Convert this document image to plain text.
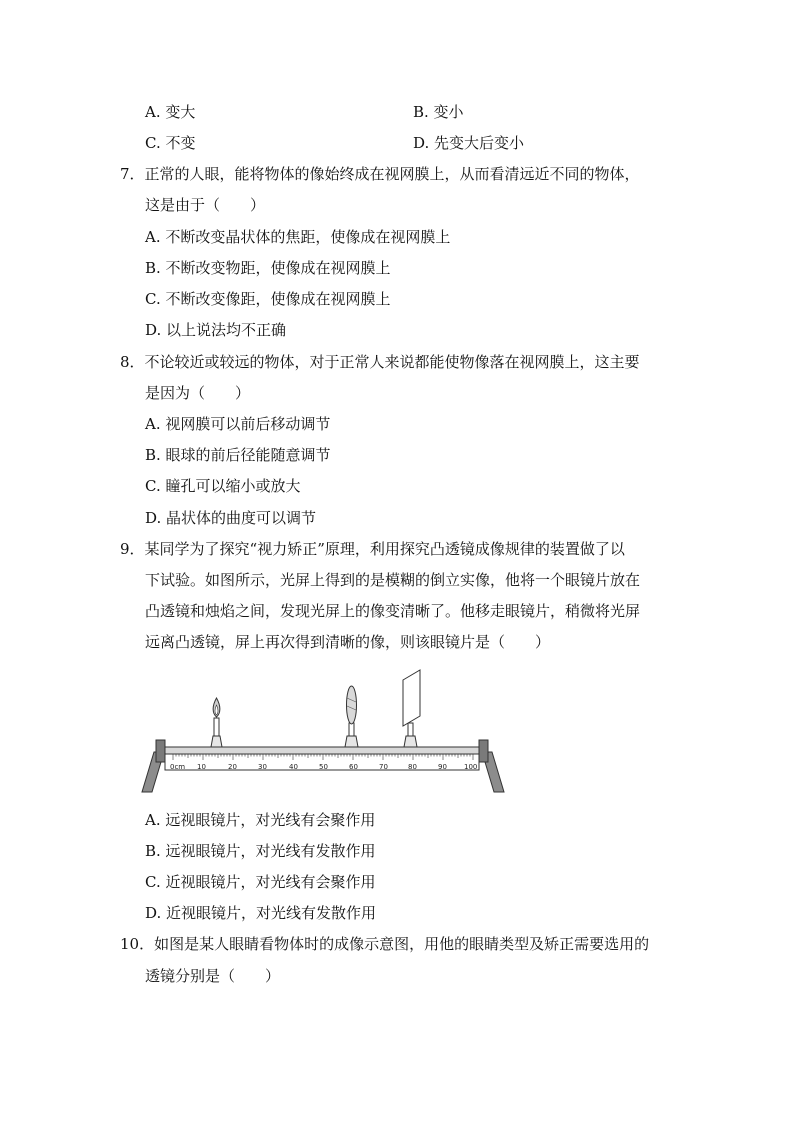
A. 变大	B. 变小
C. 不变	D. 先变大后变小
7．正常的人眼，能将物体的像始终成在视网膜上，从而看清远近不同的物体，
这是由于（　　）
A. 不断改变晶状体的焦距，使像成在视网膜上
B. 不断改变物距，使像成在视网膜上
C. 不断改变像距，使像成在视网膜上
D. 以上说法均不正确
8．不论较近或较远的物体，对于正常人来说都能使物像落在视网膜上，这主要
是因为（　　）
A. 视网膜可以前后移动调节
B. 眼球的前后径能随意调节
C. 瞳孔可以缩小或放大
D. 晶状体的曲度可以调节
9．某同学为了探究“视力矫正”原理，利用探究凸透镜成像规律的装置做了以
下试验。如图所示，光屏上得到的是模糊的倒立实像，他将一个眼镜片放在
凸透镜和烛焰之间，发现光屏上的像变清晰了。他移走眼镜片，稍微将光屏
远离凸透镜，屏上再次得到清晰的像，则该眼镜片是（　　）
0cm 10	20	30	40	50	60	70	80	90 100
A. 远视眼镜片，对光线有会聚作用
B. 远视眼镜片，对光线有发散作用
C. 近视眼镜片，对光线有会聚作用
D. 近视眼镜片，对光线有发散作用
10．如图是某人眼睛看物体时的成像示意图，用他的眼睛类型及矫正需要选用的
透镜分别是（　　）
